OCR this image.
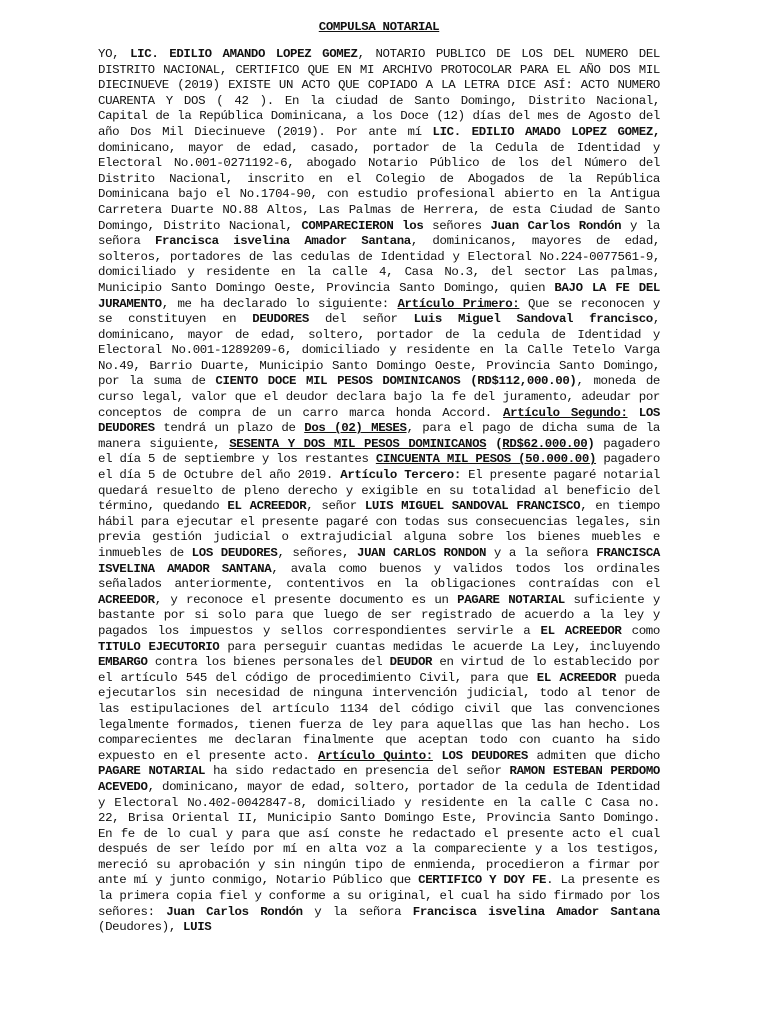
COMPULSA NOTARIAL

YO, LIC. EDILIO AMANDO LOPEZ GOMEZ, NOTARIO PUBLICO DE LOS DEL NUMERO DEL DISTRITO NACIONAL, CERTIFICO QUE EN MI ARCHIVO PROTOCOLAR PARA EL AÑO DOS MIL DIECINUEVE (2019) EXISTE UN ACTO QUE COPIADO A LA LETRA DICE ASÍ: ACTO NUMERO CUARENTA Y DOS ( 42 ). En la ciudad de Santo Domingo, Distrito Nacional, Capital de la República Dominicana, a los Doce (12) días del mes de Agosto del año Dos Mil Diecinueve (2019). Por ante mí LIC. EDILIO AMADO LOPEZ GOMEZ, dominicano, mayor de edad, casado, portador de la Cedula de Identidad y Electoral No.001-0271192-6, abogado Notario Público de los del Número del Distrito Nacional, inscrito en el Colegio de Abogados de la República Dominicana bajo el No.1704-90, con estudio profesional abierto en la Antigua Carretera Duarte NO.88 Altos, Las Palmas de Herrera, de esta Ciudad de Santo Domingo, Distrito Nacional, COMPARECIERON los señores Juan Carlos Rondón y la señora Francisca isvelina Amador Santana, dominicanos, mayores de edad, solteros, portadores de las cedulas de Identidad y Electoral No.224-0077561-9, domiciliado y residente en la calle 4, Casa No.3, del sector Las palmas, Municipio Santo Domingo Oeste, Provincia Santo Domingo, quien BAJO LA FE DEL JURAMENTO, me ha declarado lo siguiente: Artículo Primero: Que se reconocen y se constituyen en DEUDORES del señor Luis Miguel Sandoval francisco, dominicano, mayor de edad, soltero, portador de la cedula de Identidad y Electoral No.001-1289209-6, domiciliado y residente en la Calle Tetelo Varga No.49, Barrio Duarte, Municipio Santo Domingo Oeste, Provincia Santo Domingo, por la suma de CIENTO DOCE MIL PESOS DOMINICANOS (RD$112,000.00), moneda de curso legal, valor que el deudor declara bajo la fe del juramento, adeudar por conceptos de compra de un carro marca honda Accord. Artículo Segundo: LOS DEUDORES tendrá un plazo de Dos (02) MESES, para el pago de dicha suma de la manera siguiente, SESENTA Y DOS MIL PESOS DOMINICANOS (RD$62.000.00) pagadero el día 5 de septiembre y los restantes CINCUENTA MIL PESOS (50.000.00) pagadero el día 5 de Octubre del año 2019. Artículo Tercero: El presente pagaré notarial quedará resuelto de pleno derecho y exigible en su totalidad al beneficio del término, quedando EL ACREEDOR, señor LUIS MIGUEL SANDOVAL FRANCISCO, en tiempo hábil para ejecutar el presente pagaré con todas sus consecuencias legales, sin previa gestión judicial o extrajudicial alguna sobre los bienes muebles e inmuebles de LOS DEUDORES, señores, JUAN CARLOS RONDON y a la señora FRANCISCA ISVELINA AMADOR SANTANA, avala como buenos y validos todos los ordinales señalados anteriormente, contentivos en la obligaciones contraídas con el ACREEDOR, y reconoce el presente documento es un PAGARE NOTARIAL suficiente y bastante por si solo para que luego de ser registrado de acuerdo a la ley y pagados los impuestos y sellos correspondientes servirle a EL ACREEDOR como TITULO EJECUTORIO para perseguir cuantas medidas le acuerde La Ley, incluyendo EMBARGO contra los bienes personales del DEUDOR en virtud de lo establecido por el artículo 545 del código de procedimiento Civil, para que EL ACREEDOR pueda ejecutarlos sin necesidad de ninguna intervención judicial, todo al tenor de las estipulaciones del artículo 1134 del código civil que las convenciones legalmente formados, tienen fuerza de ley para aquellas que las han hecho. Los comparecientes me declaran finalmente que aceptan todo con cuanto ha sido expuesto en el presente acto. Artículo Quinto: LOS DEUDORES admiten que dicho PAGARE NOTARIAL ha sido redactado en presencia del señor RAMON ESTEBAN PERDOMO ACEVEDO, dominicano, mayor de edad, soltero, portador de la cedula de Identidad y Electoral No.402-0042847-8, domiciliado y residente en la calle C Casa no. 22, Brisa Oriental II, Municipio Santo Domingo Este, Provincia Santo Domingo. En fe de lo cual y para que así conste he redactado el presente acto el cual después de ser leído por mí en alta voz a la compareciente y a los testigos, mereció su aprobación y sin ningún tipo de enmienda, procedieron a firmar por ante mí y junto conmigo, Notario Público que CERTIFICO Y DOY FE. La presente es la primera copia fiel y conforme a su original, el cual ha sido firmado por los señores: Juan Carlos Rondón y la señora Francisca isvelina Amador Santana (Deudores), LUIS
